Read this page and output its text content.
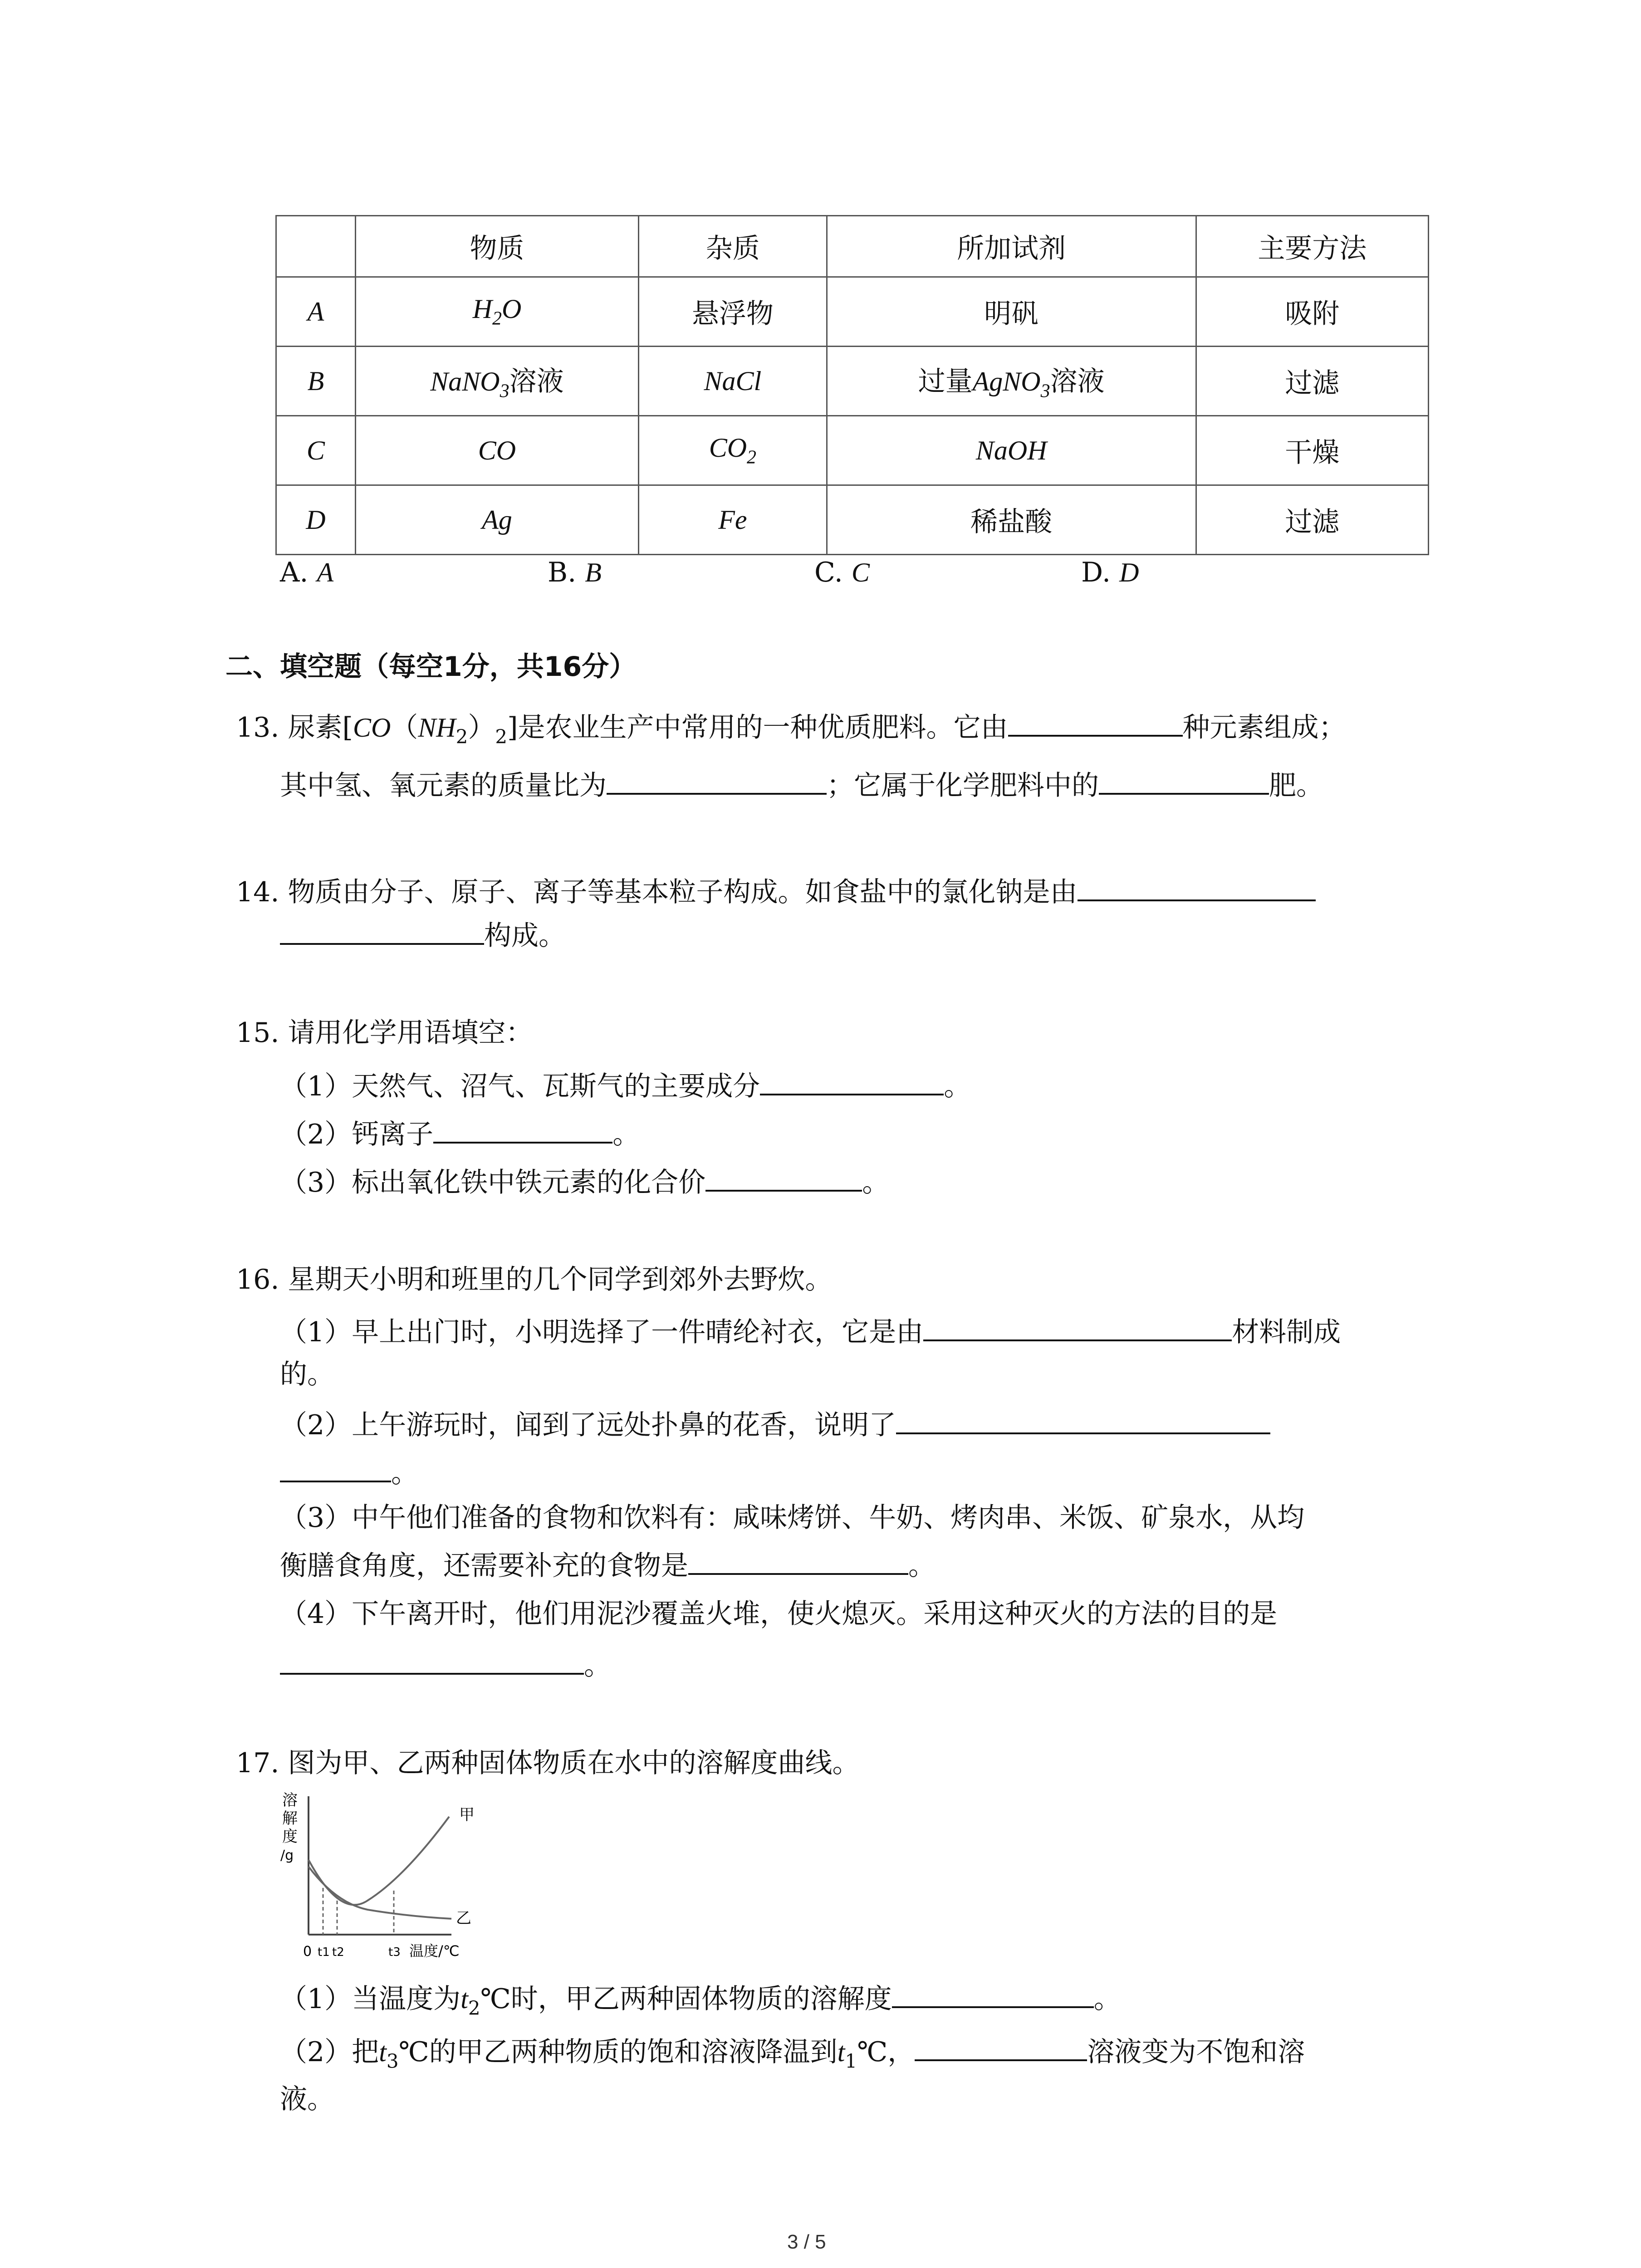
	物质	杂质	所加试剂	主要方法
A	$H_2O$	悬浮物	明矾	吸附
B	NaNO$_3$溶液	NaCl	过量AgNO$_3$溶液	过滤
C	CO	$CO_2$	NaOH	干燥
D	Ag	Fe	稀盐酸	过滤
A. A	B. B	C. C	D. D
二、填空题（每空1分，共16分）
13. 尿素$[CO(NH_2)_2]$是农业生产中常用的一种优质肥料。它由	种元素组成；
其中氢、氧元素的质量比为	；它属于化学肥料中的	肥。
14. 物质由分子、原子、离子等基本粒子构成。如食盐中的氯化钠是由
构成。
15. 请用化学用语填空：
（1）天然气、沼气、瓦斯气的主要成分	。
（2）钙离子	。
（3）标出氧化铁中铁元素的化合价	。
16. 星期天小明和班里的几个同学到郊外去野炊。
（1）早上出门时，小明选择了一件晴纶衬衣，它是由	材料制成
的。
（2）上午游玩时，闻到了远处扑鼻的花香，说明了
。
（3）中午他们准备的食物和饮料有：咸味烤饼、牛奶、烤肉串、米饭、矿泉水，从均
衡膳食角度，还需要补充的食物是	。
（4）下午离开时，他们用泥沙覆盖火堆，使火熄灭。采用这种灭火的方法的目的是
。
17. 图为甲、乙两种固体物质在水中的溶解度曲线。
溶
解
度
/g
甲
乙
0 t1 t2	t3 温度/℃
（1）当温度为$t_2℃$时，甲乙两种固体物质的溶解度	。
（2）把$t_3℃$的甲乙两种物质的饱和溶液降温到$t_1℃$，	溶液变为不饱和溶
液。
3 / 5
